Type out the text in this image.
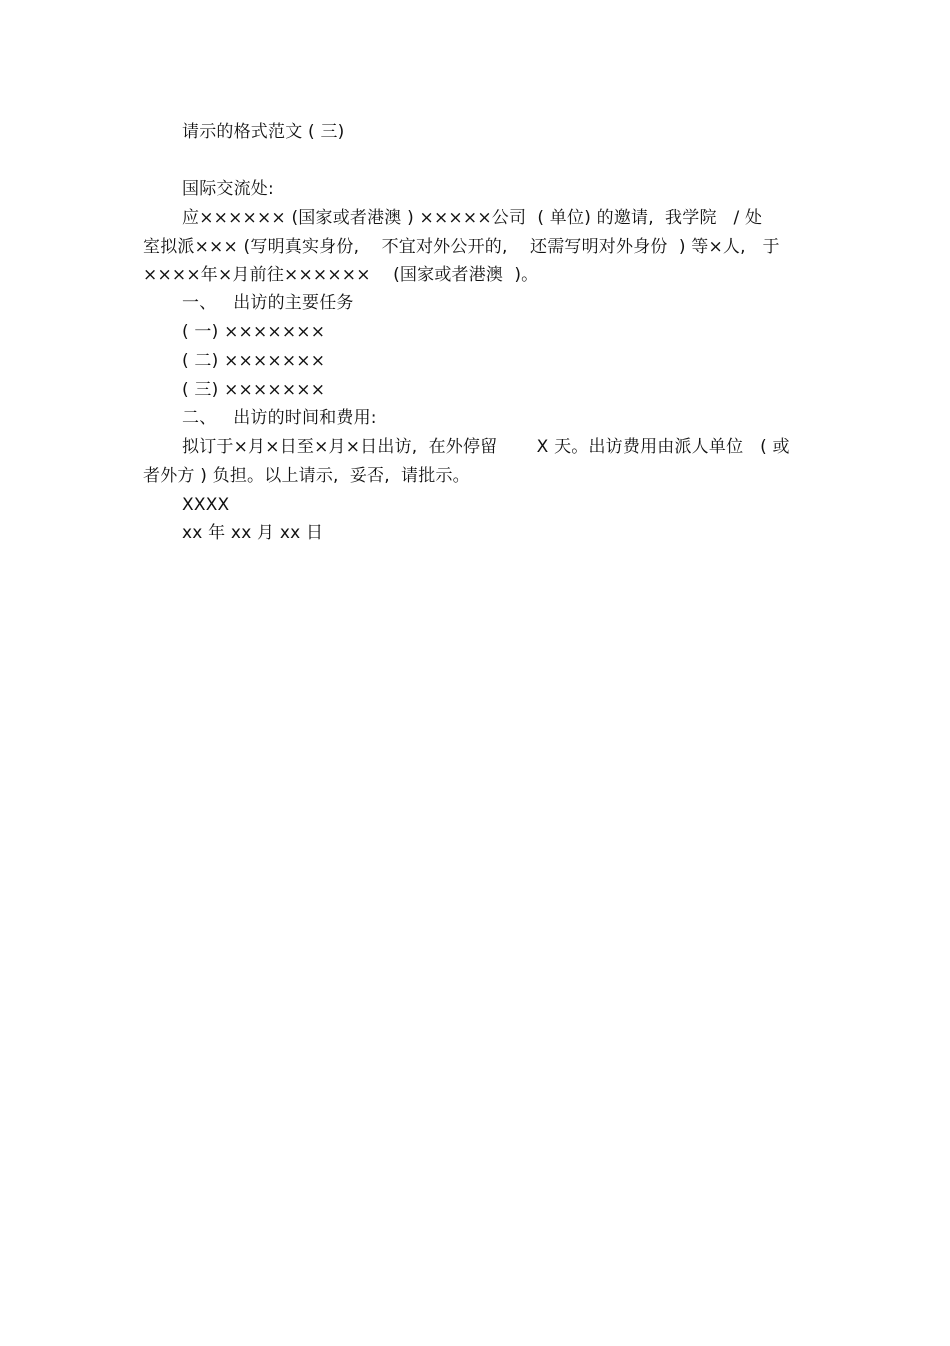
请示的格式范文 ( 三)
国际交流处:
应×××××× (国家或者港澳 ) ×××××公司  ( 单位) 的邀请,  我学院   / 处
室拟派××× (写明真实身份,    不宜对外公开的,    还需写明对外身份  ) 等×人,   于
××××年×月前往××××××    (国家或者港澳  )。
一、   出访的主要任务
( 一) ×××××××
( 二) ×××××××
( 三) ×××××××
二、   出访的时间和费用:
拟订于×月×日至×月×日出访,  在外停留       X 天。出访费用由派人单位   ( 或
者外方 ) 负担。以上请示,  妥否,  请批示。
XXXX
xx 年 xx 月 xx 日
